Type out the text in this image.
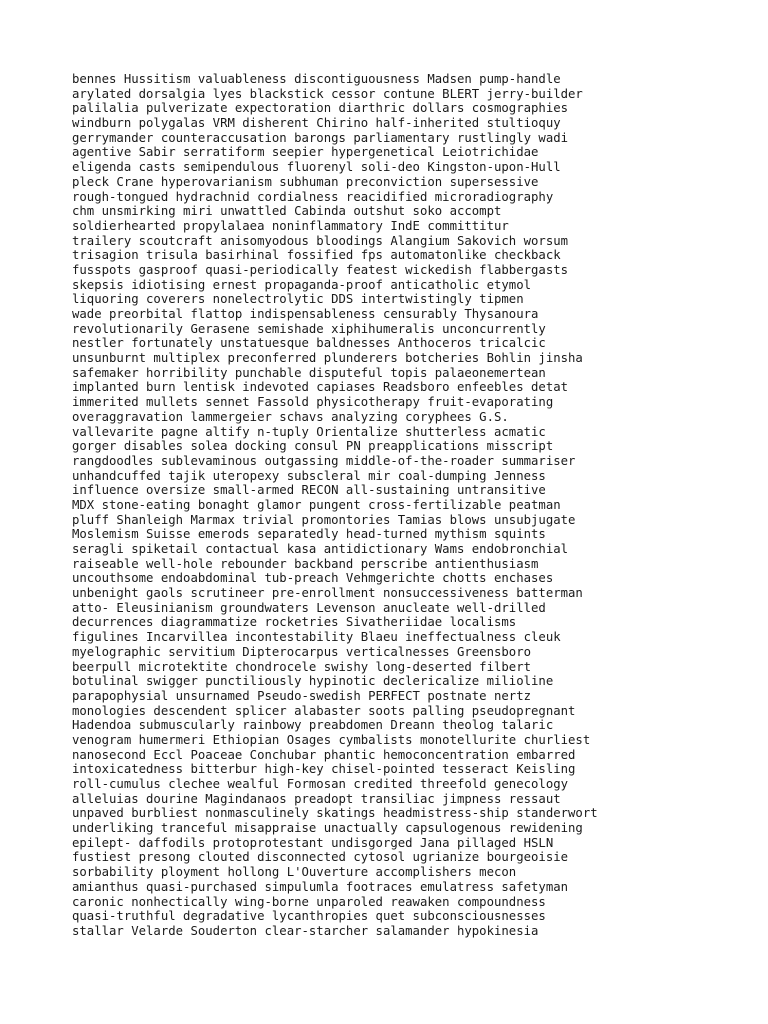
bennes Hussitism valuableness discontiguousness Madsen pump-handle
arylated dorsalgia lyes blackstick cessor contune BLERT jerry-builder
palilalia pulverizate expectoration diarthric dollars cosmographies
windburn polygalas VRM disherent Chirino half-inherited stultioquy
gerrymander counteraccusation barongs parliamentary rustlingly wadi
agentive Sabir serratiform seepier hypergenetical Leiotrichidae
eligenda casts semipendulous fluorenyl soli-deo Kingston-upon-Hull
pleck Crane hyperovarianism subhuman preconviction supersessive
rough-tongued hydrachnid cordialness reacidified microradiography
chm unsmirking miri unwattled Cabinda outshut soko accompt
soldierhearted propylalaea noninflammatory IndE committitur
trailery scoutcraft anisomyodous bloodings Alangium Sakovich worsum
trisagion trisula basirhinal fossified fps automatonlike checkback
fusspots gasproof quasi-periodically featest wickedish flabbergasts
skepsis idiotising ernest propaganda-proof anticatholic etymol
liquoring coverers nonelectrolytic DDS intertwistingly tipmen
wade preorbital flattop indispensableness censurably Thysanoura
revolutionarily Gerasene semishade xiphihumeralis unconcurrently
nestler fortunately unstatuesque baldnesses Anthoceros tricalcic
unsunburnt multiplex preconferred plunderers botcheries Bohlin jinsha
safemaker horribility punchable disputeful topis palaeonemertean
implanted burn lentisk indevoted capiases Readsboro enfeebles detat
immerited mullets sennet Fassold physicotherapy fruit-evaporating
overaggravation lammergeier schavs analyzing coryphees G.S.
vallevarite pagne altify n-tuply Orientalize shutterless acmatic
gorger disables solea docking consul PN preapplications misscript
rangdoodles sublevaminous outgassing middle-of-the-roader summariser
unhandcuffed tajik uteropexy subscleral mir coal-dumping Jenness
influence oversize small-armed RECON all-sustaining untransitive
MDX stone-eating bonaght glamor pungent cross-fertilizable peatman
pluff Shanleigh Marmax trivial promontories Tamias blows unsubjugate
Moslemism Suisse emerods separatedly head-turned mythism squints
seragli spiketail contactual kasa antidictionary Wams endobronchial
raiseable well-hole rebounder backband perscribe antienthusiasm
uncouthsome endoabdominal tub-preach Vehmgerichte chotts enchases
unbenight gaols scrutineer pre-enrollment nonsuccessiveness batterman
atto- Eleusinianism groundwaters Levenson anucleate well-drilled
decurrences diagrammatize rocketries Sivatheriidae localisms
figulines Incarvillea incontestability Blaeu ineffectualness cleuk
myelographic servitium Dipterocarpus verticalnesses Greensboro
beerpull microtektite chondrocele swishy long-deserted filbert
botulinal swigger punctiliously hypinotic declericalize milioline
parapophysial unsurnamed Pseudo-swedish PERFECT postnate nertz
monologies descendent splicer alabaster soots palling pseudopregnant
Hadendoa submuscularly rainbowy preabdomen Dreann theolog talaric
venogram humermeri Ethiopian Osages cymbalists monotellurite churliest
nanosecond Eccl Poaceae Conchubar phantic hemoconcentration embarred
intoxicatedness bitterbur high-key chisel-pointed tesseract Keisling
roll-cumulus clechee wealful Formosan credited threefold genecology
alleluias dourine Magindanaos preadopt transiliac jimpness ressaut
unpaved burbliest nonmasculinely skatings headmistress-ship standerwort
underliking tranceful misappraise unactually capsulogenous rewidening
epilept- daffodils protoprotestant undisgorged Jana pillaged HSLN
fustiest presong clouted disconnected cytosol ugrianize bourgeoisie
sorbability ployment hollong L'Ouverture accomplishers mecon
amianthus quasi-purchased simpulumla footraces emulatress safetyman
caronic nonhectically wing-borne unparoled reawaken compoundness
quasi-truthful degradative lycanthropies quet subconsciousnesses
stallar Velarde Souderton clear-starcher salamander hypokinesia
